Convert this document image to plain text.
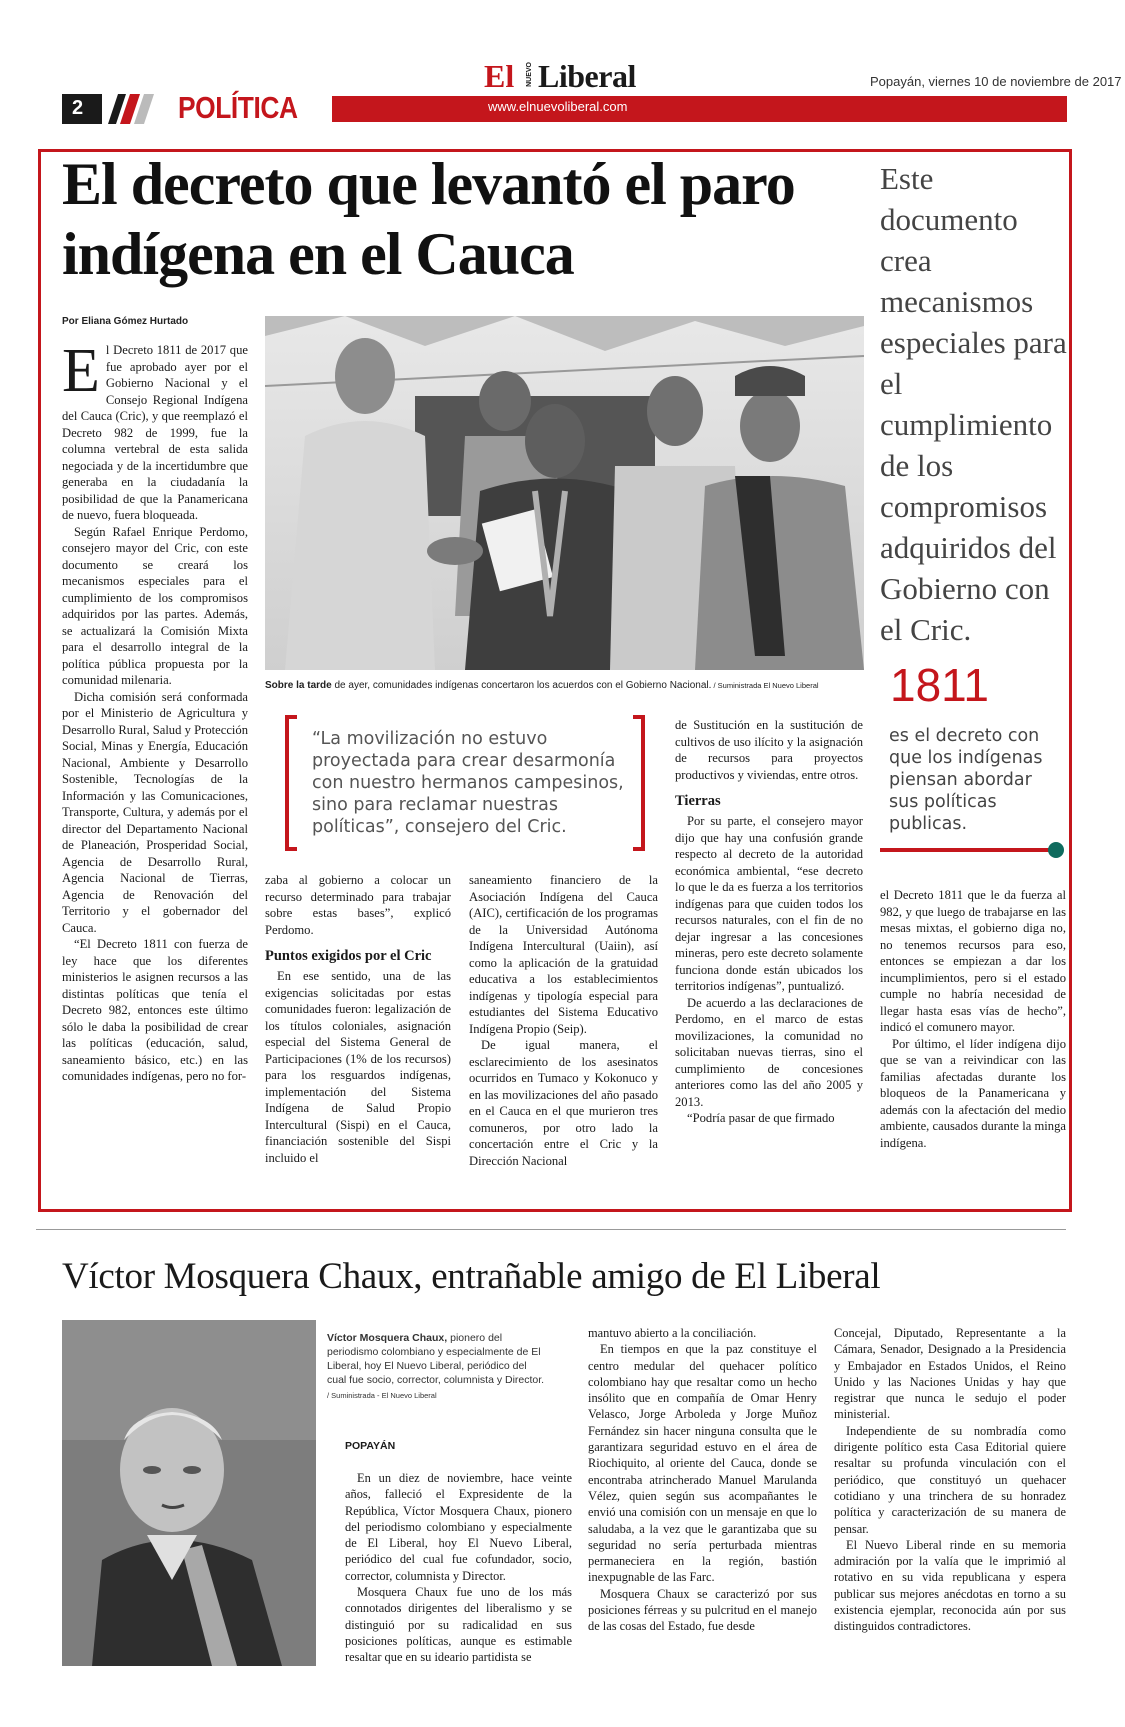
2	POLÍTICA	www.elnuevoliberal.com
El NUEVO Liberal	Popayán, viernes 10 de noviembre de 2017
El decreto que levantó el paro indígena en el Cauca
Por Eliana Gómez Hurtado
Este documento crea mecanismos especiales para el cumplimiento de los compromisos adquiridos del Gobierno con el Cric.
Sobre la tarde de ayer, comunidades indígenas concertaron los acuerdos con el Gobierno Nacional. / Suministrada El Nuevo Liberal

El Decreto 1811 de 2017 que fue aprobado ayer por el Gobierno Nacional y el Consejo Regional Indígena del Cauca (Cric), y que reemplazó el Decreto 982 de 1999, fue la columna vertebral de esta salida negociada y de la incertidumbre que generaba en la ciudadanía la posibilidad de que la Panamericana de nuevo, fuera bloqueada.

Según Rafael Enrique Perdomo, consejero mayor del Cric, con este documento se creará los mecanismos especiales para el cumplimiento de los compromisos adquiridos por las partes. Además, se actualizará la Comisión Mixta para el desarrollo integral de la política pública propuesta por la comunidad milenaria.

Dicha comisión será conformada por el Ministerio de Agricultura y Desarrollo Rural, Salud y Protección Social, Minas y Energía, Educación Nacional, Ambiente y Desarrollo Sostenible, Tecnologías de la Información y las Comunicaciones, Transporte, Cultura, y además por el director del Departamento Nacional de Planeación, Prosperidad Social, Agencia de Desarrollo Rural, Agencia Nacional de Tierras, Agencia de Renovación del Territorio y el gobernador del Cauca.

“El Decreto 1811 con fuerza de ley hace que los diferentes ministerios le asignen recursos a las distintas políticas que tenía el Decreto 982, entonces este último sólo le daba la posibilidad de crear las políticas (educación, salud, saneamiento básico, etc.) en las comunidades indígenas, pero no for-

“La movilización no estuvo proyectada para crear desarmonía con nuestro hermanos campesinos, sino para reclamar nuestras políticas”, consejero del Cric.

zaba al gobierno a colocar un recurso determinado para trabajar sobre estas bases”, explicó Perdomo.

Puntos exigidos por el Cric

En ese sentido, una de las exigencias solicitadas por estas comunidades fueron: legalización de los títulos coloniales, asignación especial del Sistema General de Participaciones (1% de los recursos) para los resguardos indígenas, implementación del Sistema Indígena de Salud Propio Intercultural (Sispi) en el Cauca, financiación sostenible del Sispi incluido el

saneamiento financiero de la Asociación Indígena del Cauca (AIC), certificación de los programas de la Universidad Autónoma Indígena Intercultural (Uaiin), así como la aplicación de la gratuidad educativa a los establecimientos indígenas y tipología especial para estudiantes del Sistema Educativo Indígena Propio (Seip).

De igual manera, el esclarecimiento de los asesinatos ocurridos en Tumaco y Kokonuco y en las movilizaciones del año pasado en el Cauca en el que murieron tres comuneros, por otro lado la concertación entre el Cric y la Dirección Nacional

de Sustitución en la sustitución de cultivos de uso ilícito y la asignación de recursos para proyectos productivos y viviendas, entre otros.

Tierras

Por su parte, el consejero mayor dijo que hay una confusión grande respecto al decreto de la autoridad económica ambiental, “ese decreto lo que le da es fuerza a los territorios indígenas para que cuiden todos los recursos naturales, con el fin de no dejar ingresar a las concesiones mineras, pero este decreto solamente funciona donde están ubicados los territorios indígenas”, puntualizó.

De acuerdo a las declaraciones de Perdomo, en el marco de estas movilizaciones, la comunidad no solicitaban nuevas tierras, sino el cumplimiento de concesiones anteriores como las del año 2005 y 2013.

“Podría pasar de que firmado

1811
es el decreto con que los indígenas piensan abordar sus políticas publicas.

el Decreto 1811 que le da fuerza al 982, y que luego de trabajarse en las mesas mixtas, el gobierno diga no, no tenemos recursos para eso, entonces se empiezan a dar los incumplimientos, pero si el estado cumple no habría necesidad de llegar hasta esas vías de hecho”, indicó el comunero mayor.

Por último, el líder indígena dijo que se van a reivindicar con las familias afectadas durante los bloqueos de la Panamericana y además con la afectación del medio ambiente, causados durante la minga indígena.

Víctor Mosquera Chaux, entrañable amigo de El Liberal
Víctor Mosquera Chaux, pionero del periodismo colombiano y especialmente de El Liberal, hoy El Nuevo Liberal, periódico del cual fue socio, corrector, columnista y Director. / Suministrada - El Nuevo Liberal
POPAYÁN

En un diez de noviembre, hace veinte años, falleció el Expresidente de la República, Víctor Mosquera Chaux, pionero del periodismo colombiano y especialmente de El Liberal, hoy El Nuevo Liberal, periódico del cual fue cofundador, socio, corrector, columnista y Director.

Mosquera Chaux fue uno de los más connotados dirigentes del liberalismo y se distinguió por su radicalidad en sus posiciones políticas, aunque es estimable resaltar que en su ideario partidista se

mantuvo abierto a la conciliación.

En tiempos en que la paz constituye el centro medular del quehacer político colombiano hay que resaltar como un hecho insólito que en compañía de Omar Henry Velasco, Jorge Arboleda y Jorge Muñoz Fernández sin hacer ninguna consulta que le garantizara seguridad estuvo en el área de Riochiquito, al oriente del Cauca, donde se encontraba atrincherado Manuel Marulanda Vélez, quien según sus acompañantes le envió una comisión con un mensaje en que lo saludaba, a la vez que le garantizaba que su seguridad no sería perturbada mientras permaneciera en la región, bastión inexpugnable de las Farc.

Mosquera Chaux se caracterizó por sus posiciones férreas y su pulcritud en el manejo de las cosas del Estado, fue desde

Concejal, Diputado, Representante a la Cámara, Senador, Designado a la Presidencia y Embajador en Estados Unidos, el Reino Unido y las Naciones Unidas y hay que registrar que nunca le sedujo el poder ministerial.

Independiente de su nombradía como dirigente político esta Casa Editorial quiere resaltar su profunda vinculación con el periódico, que constituyó un quehacer cotidiano y una trinchera de su honradez política y caracterización de su manera de pensar.

El Nuevo Liberal rinde en su memoria admiración por la valía que le imprimió al rotativo en su vida republicana y espera publicar sus mejores anécdotas en torno a su existencia ejemplar, reconocida aún por sus distinguidos contradictores.
